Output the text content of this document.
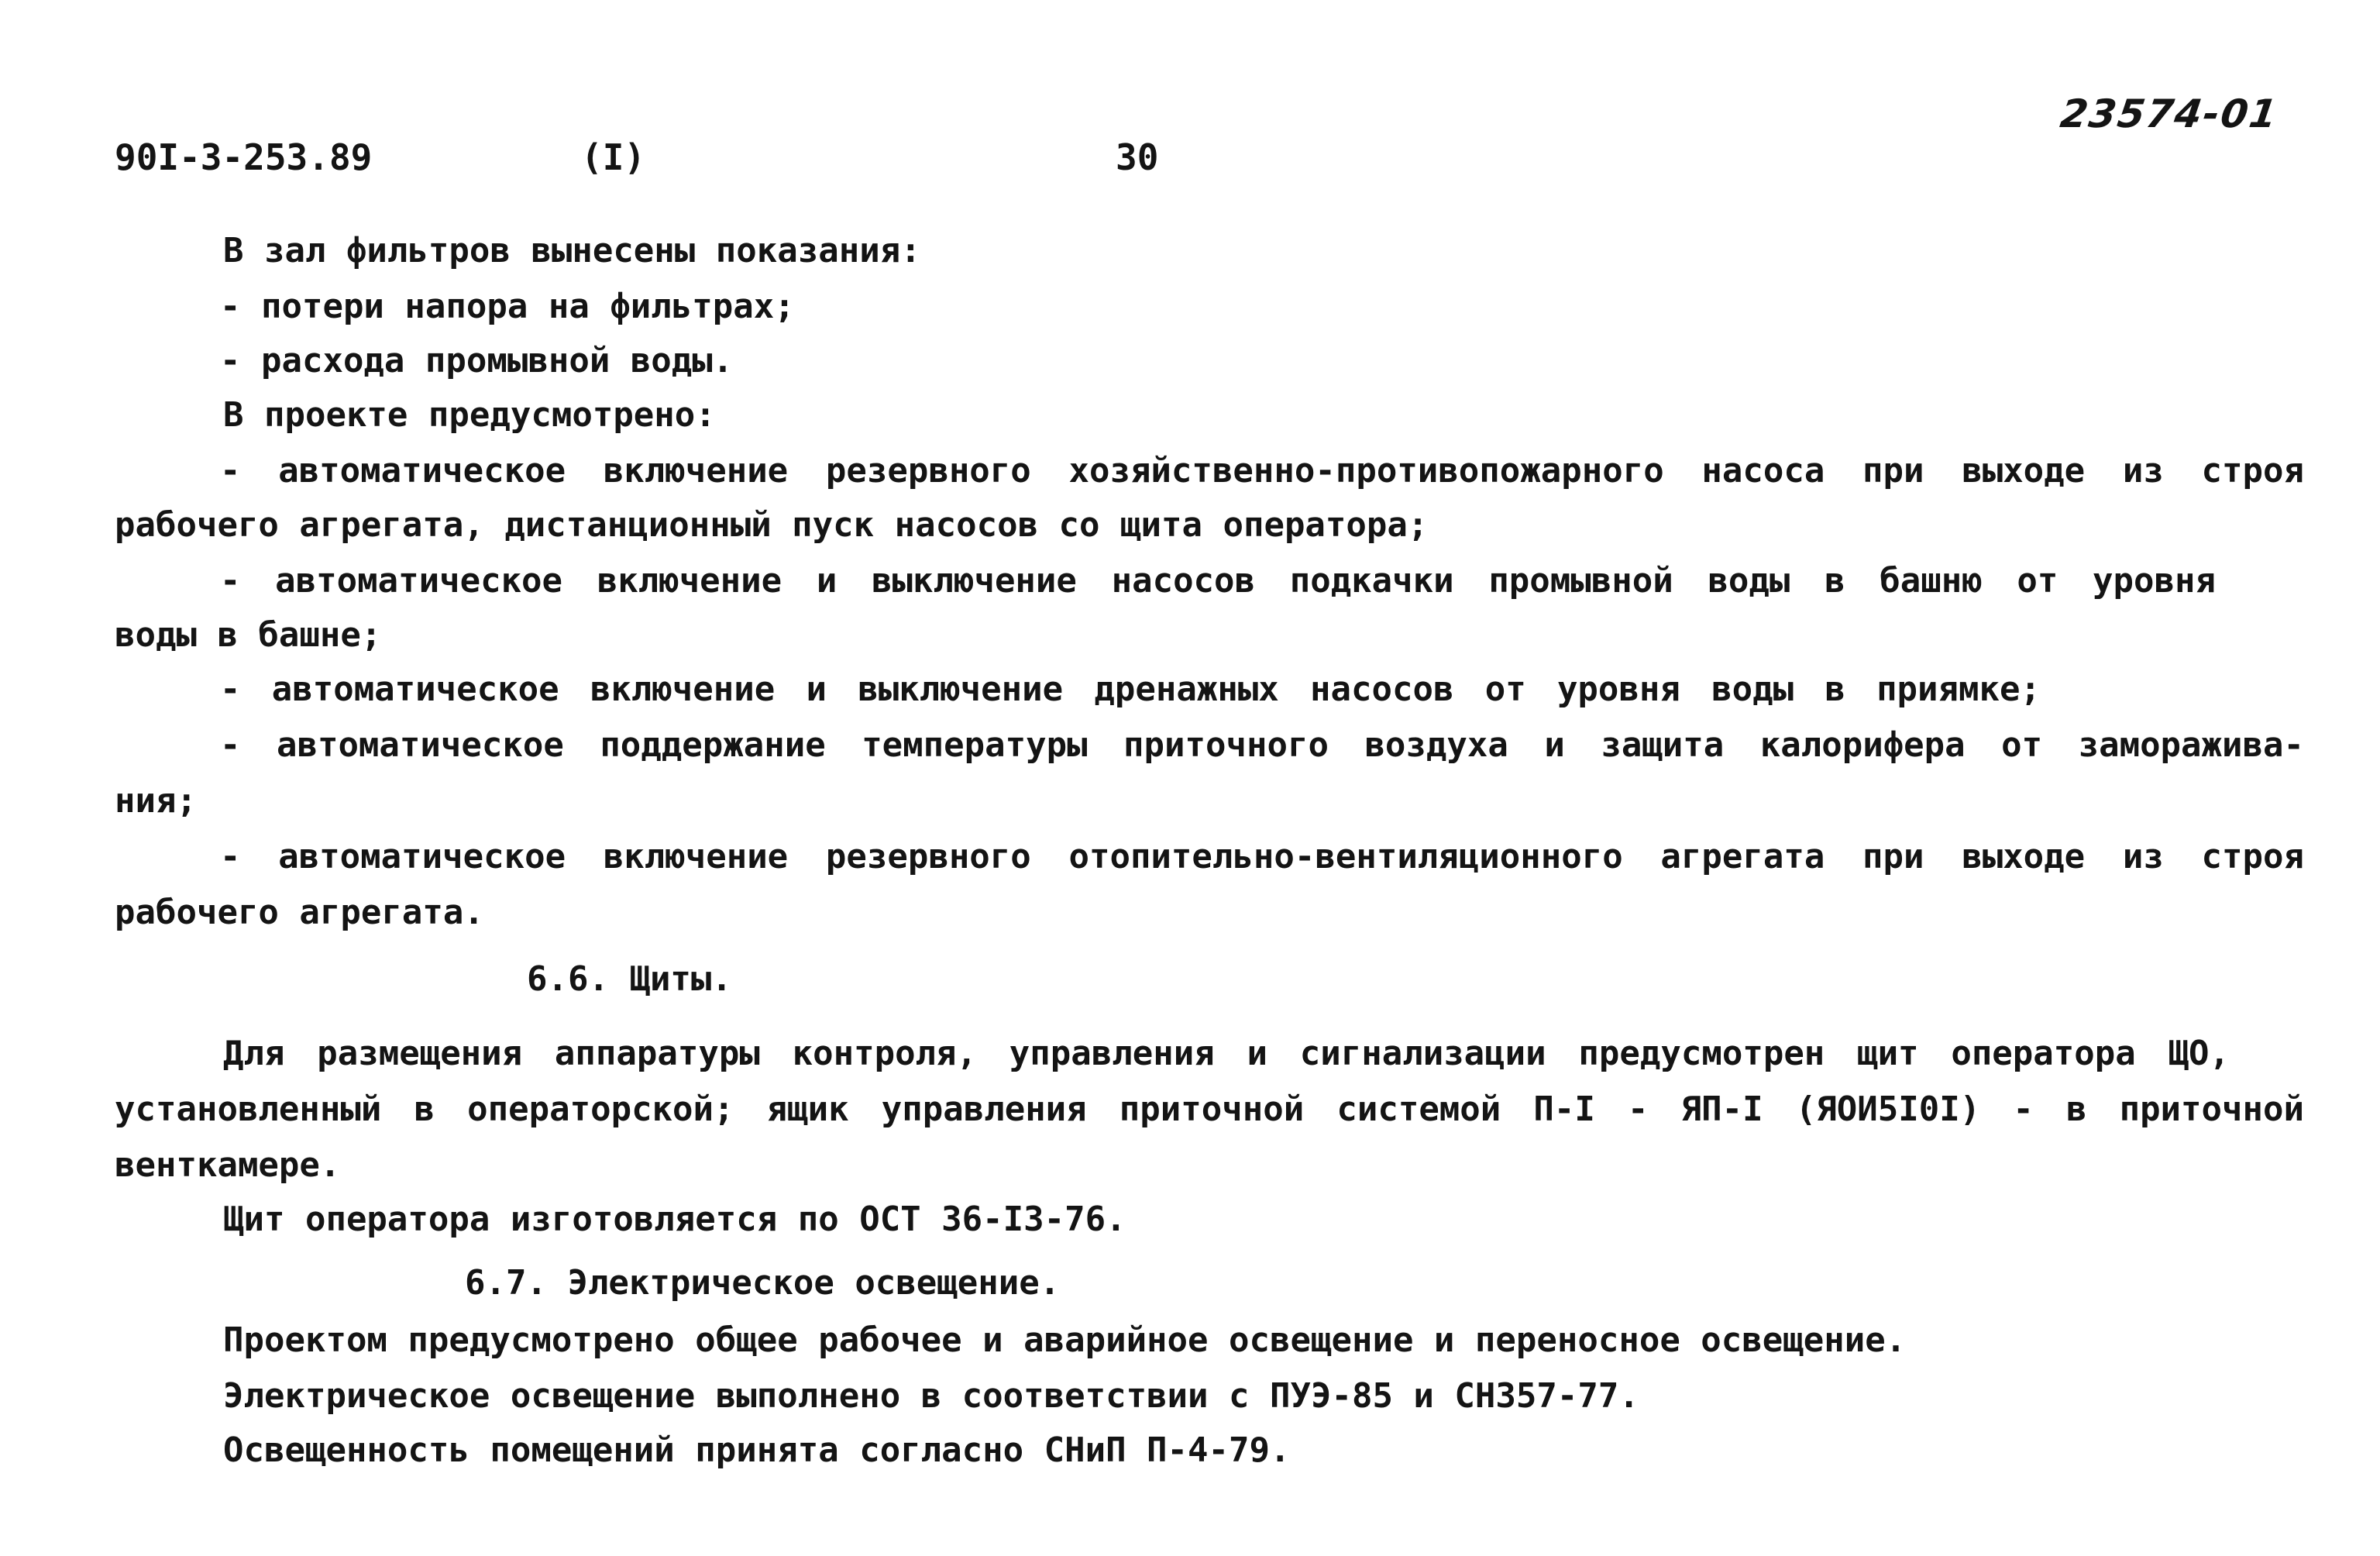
90I-3-253.89	(I)	30
23574-01
В зал фильтров вынесены показания:
- потери напора на фильтрах;
- расхода промывной воды.
В проекте предусмотрено:
- автоматическое включение резервного хозяйственно-противопожарного насоса при выходе из строя
рабочего агрегата, дистанционный пуск насосов со щита оператора;
- автоматическое включение и выключение насосов подкачки промывной воды в башню от уровня
воды в башне;
- автоматическое включение и выключение дренажных насосов от уровня воды в приямке;
- автоматическое поддержание температуры приточного воздуха и защита калорифера от заморажива-
ния;
- автоматическое включение резервного отопительно-вентиляционного агрегата при выходе из строя
рабочего агрегата.
6.6. Щиты.
Для размещения аппаратуры контроля, управления и сигнализации предусмотрен щит оператора ЩО,
установленный в операторской; ящик управления приточной системой П-I - ЯП-I (ЯОИ5I0I) - в приточной
венткамере.
Щит оператора изготовляется по ОСТ 36-I3-76.
6.7. Электрическое освещение.
Проектом предусмотрено общее рабочее и аварийное освещение и переносное освещение.
Электрическое освещение выполнено в соответствии с ПУЭ-85 и СН357-77.
Освещенность помещений принята согласно СНиП П-4-79.
